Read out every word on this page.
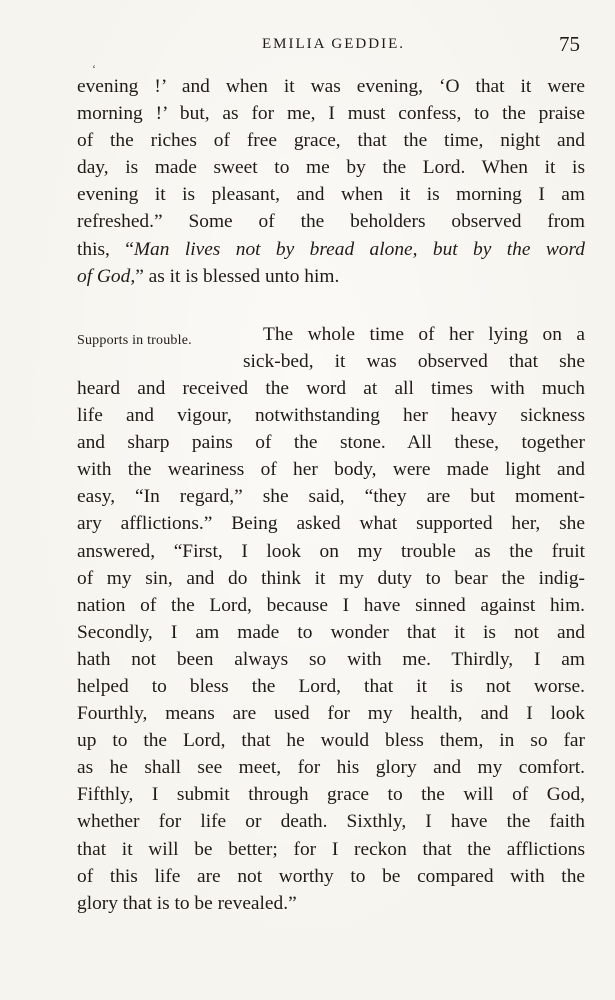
‘
EMILIA GEDDIE.	75
evening !’ and when it was evening, ‘O that it were
morning !’ but, as for me, I must confess, to the praise
of the riches of free grace, that the time, night and
day, is made sweet to me by the Lord. When it is
evening it is pleasant, and when it is morning I am
refreshed.” Some of the beholders observed from
this, “Man lives not by bread alone, but by the word
of God,” as it is blessed unto him.
Supports in trouble.	The whole time of her lying on a
sick-bed, it was observed that she
heard and received the word at all times with much
life and vigour, notwithstanding her heavy sickness
and sharp pains of the stone. All these, together
with the weariness of her body, were made light and
easy, “In regard,” she said, “they are but moment-
ary afflictions.” Being asked what supported her, she
answered, “First, I look on my trouble as the fruit
of my sin, and do think it my duty to bear the indig-
nation of the Lord, because I have sinned against him.
Secondly, I am made to wonder that it is not and
hath not been always so with me. Thirdly, I am
helped to bless the Lord, that it is not worse.
Fourthly, means are used for my health, and I look
up to the Lord, that he would bless them, in so far
as he shall see meet, for his glory and my comfort.
Fifthly, I submit through grace to the will of God,
whether for life or death. Sixthly, I have the faith
that it will be better; for I reckon that the afflictions
of this life are not worthy to be compared with the
glory that is to be revealed.”
